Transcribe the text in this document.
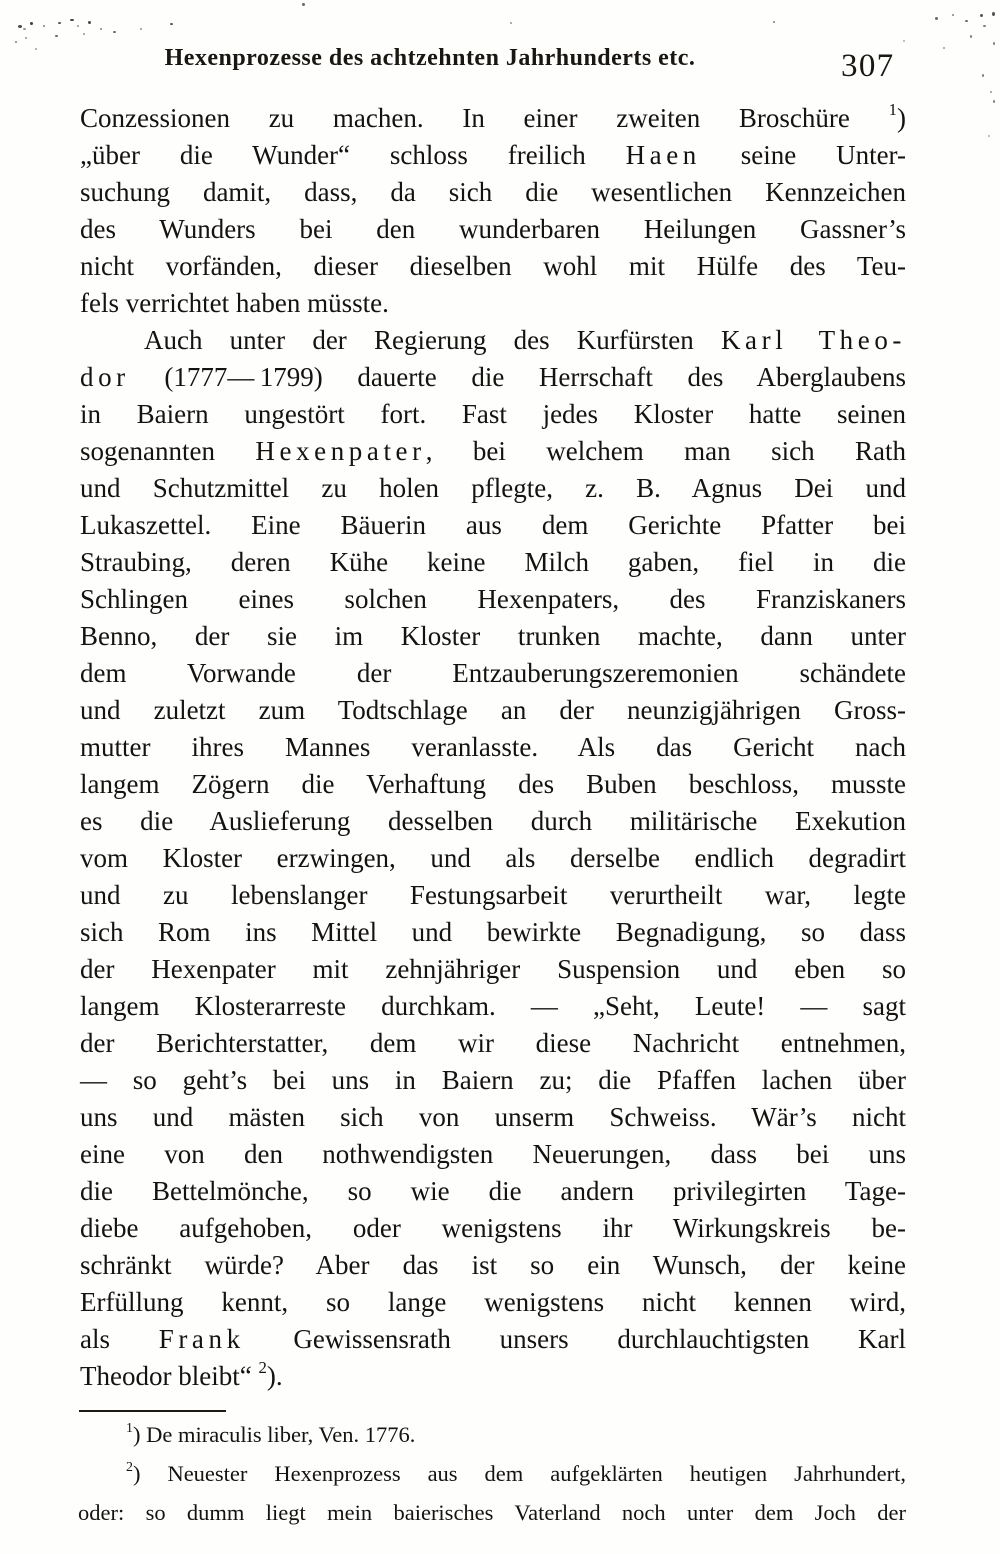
Hexenprozesse des achtzehnten Jahrhunderts etc.	307
Conzessionen zu machen. In einer zweiten Broschüre $^1$)
„über die Wunder“ schloss freilich Haen seine Unter-
suchung damit, dass, da sich die wesentlichen Kennzeichen
des Wunders bei den wunderbaren Heilungen Gassner’s
nicht vorfänden, dieser dieselben wohl mit Hülfe des Teu-
fels verrichtet haben müsste.
Auch unter der Regierung des Kurfürsten Karl Theo-
dor (1777— 1799) dauerte die Herrschaft des Aberglaubens
in Baiern ungestört fort. Fast jedes Kloster hatte seinen
sogenannten Hexenpater, bei welchem man sich Rath
und Schutzmittel zu holen pflegte, z. B. Agnus Dei und
Lukaszettel. Eine Bäuerin aus dem Gerichte Pfatter bei
Straubing, deren Kühe keine Milch gaben, fiel in die
Schlingen eines solchen Hexenpaters, des Franziskaners
Benno, der sie im Kloster trunken machte, dann unter
dem Vorwande der Entzauberungszeremonien schändete
und zuletzt zum Todtschlage an der neunzigjährigen Gross-
mutter ihres Mannes veranlasste. Als das Gericht nach
langem Zögern die Verhaftung des Buben beschloss, musste
es die Auslieferung desselben durch militärische Exekution
vom Kloster erzwingen, und als derselbe endlich degradirt
und zu lebenslanger Festungsarbeit verurtheilt war, legte
sich Rom ins Mittel und bewirkte Begnadigung, so dass
der Hexenpater mit zehnjähriger Suspension und eben so
langem Klosterarreste durchkam. — „Seht, Leute! — sagt
der Berichterstatter, dem wir diese Nachricht entnehmen,
— so geht’s bei uns in Baiern zu; die Pfaffen lachen über
uns und mästen sich von unserm Schweiss. Wär’s nicht
eine von den nothwendigsten Neuerungen, dass bei uns
die Bettelmönche, so wie die andern privilegirten Tage-
diebe aufgehoben, oder wenigstens ihr Wirkungskreis be-
schränkt würde? Aber das ist so ein Wunsch, der keine
Erfüllung kennt, so lange wenigstens nicht kennen wird,
als Frank Gewissensrath unsers durchlauchtigsten Karl
Theodor bleibt“ $^2$).
$^1$) De miraculis liber, Ven. 1776.
$^2$) Neuester Hexenprozess aus dem aufgeklärten heutigen Jahrhundert,
oder: so dumm liegt mein baierisches Vaterland noch unter dem Joch der
